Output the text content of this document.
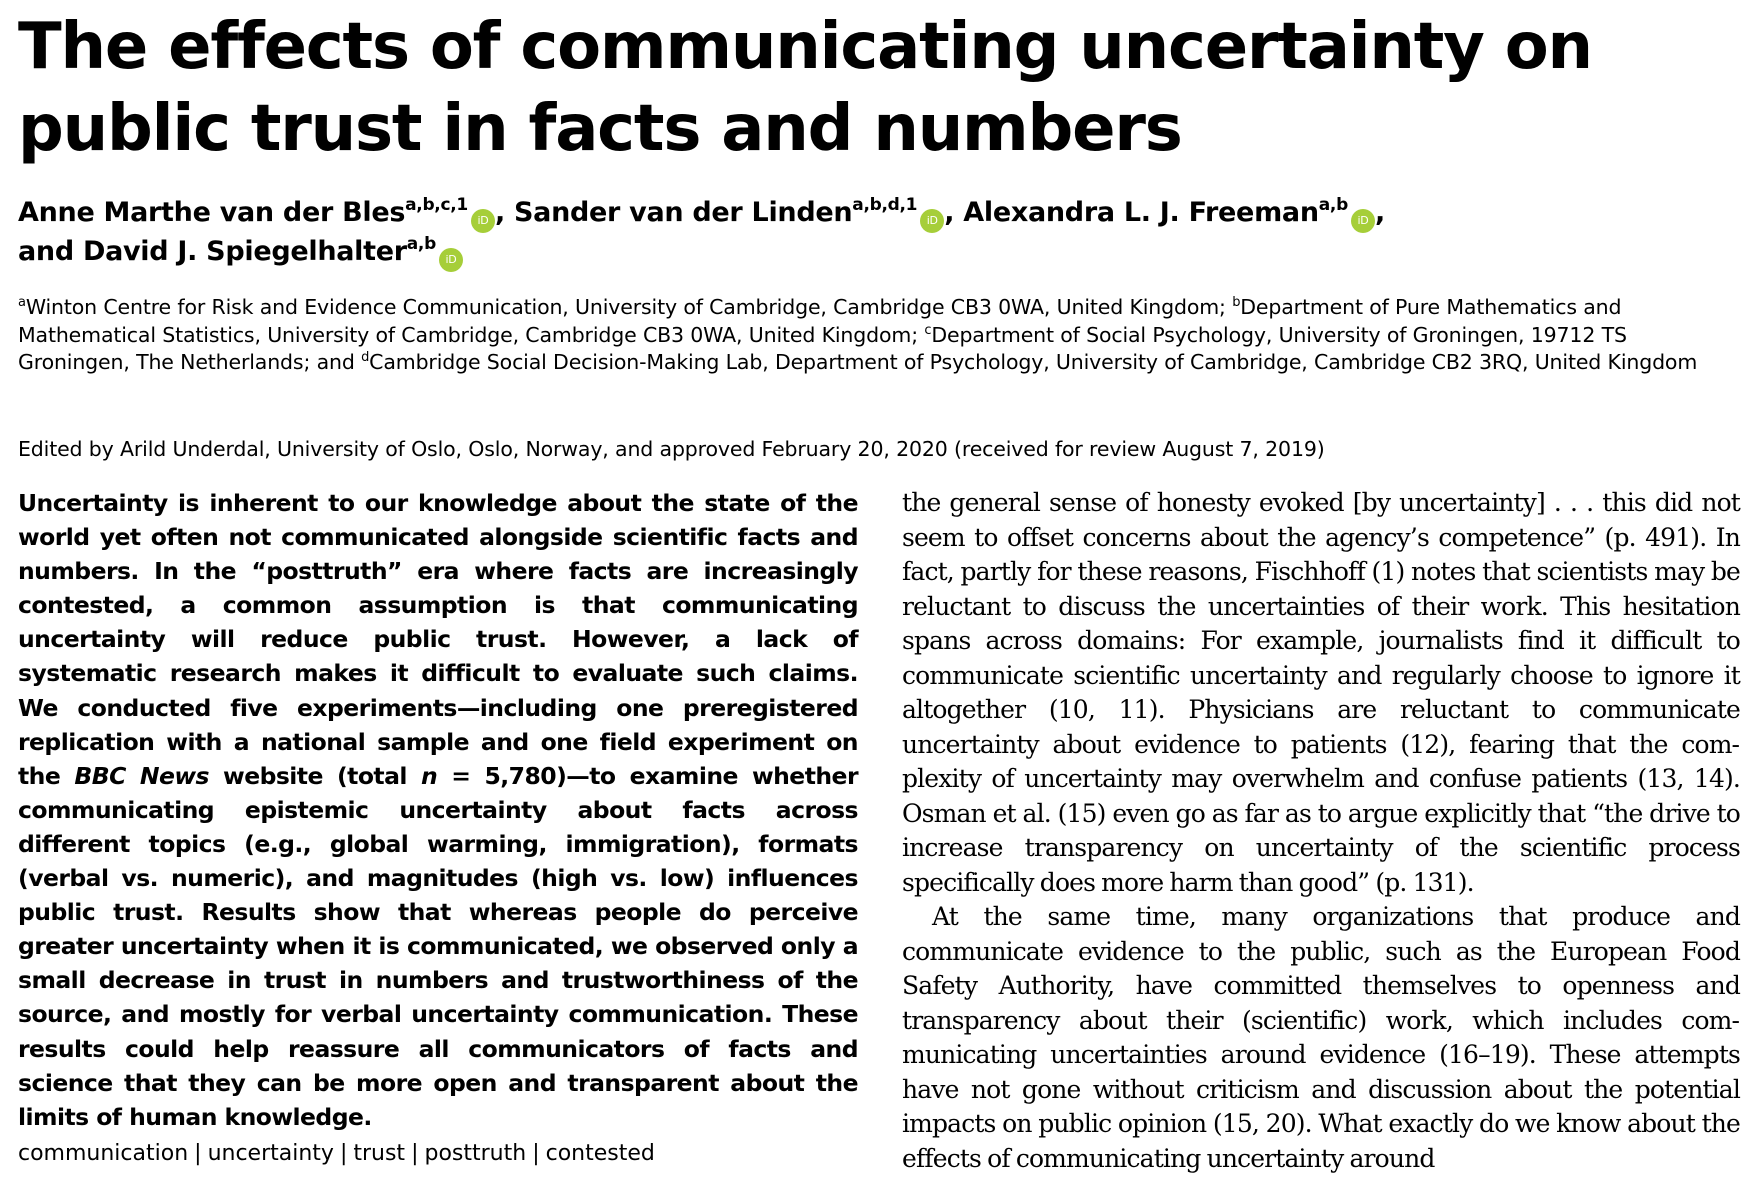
The effects of communicating uncertainty on public trust in facts and numbers
Anne Marthe van der Bles$^{a,b,c,1}$iD , Sander van der Linden$^{a,b,d,1}$iD , Alexandra L. J. Freeman$^{a,b}$iD ,
and David J. Spiegelhalter$^{a,b}$iD
$^a$Winton Centre for Risk and Evidence Communication, University of Cambridge, Cambridge CB3 0WA, United Kingdom; $^b$Department of Pure Mathematics and Mathematical Statistics, University of Cambridge, Cambridge CB3 0WA, United Kingdom; $^c$Department of Social Psychology, University of Groningen, 19712 TS Groningen, The Netherlands; and $^d$Cambridge Social Decision-Making Lab, Department of Psychology, University of Cambridge, Cambridge CB2 3RQ, United Kingdom
Edited by Arild Underdal, University of Oslo, Oslo, Norway, and approved February 20, 2020 (received for review August 7, 2019)

Uncertainty is inherent to our knowledge about the state of the world yet often not communicated alongside scientific facts and numbers. In the “posttruth” era where facts are increasingly contested, a common assumption is that communicating uncertainty will reduce public trust. However, a lack of systematic research makes it difficult to evaluate such claims. We conducted five experiments—including one preregistered replication with a national sample and one field experiment on the BBC News website (total n = 5,780)—to examine whether communicating epistemic uncertainty about facts across different topics (e.g., global warming, immigration), formats (verbal vs. numeric), and magnitudes (high vs. low) influences public trust. Results show that whereas people do perceive greater uncertainty when it is communicated, we observed only a small decrease in trust in numbers and trustworthiness of the source, and mostly for verbal uncertainty communication. These results could help reassure all communicators of facts and science that they can be more open and transparent about the limits of human knowledge.

communication | uncertainty | trust | posttruth | contested

the general sense of honesty evoked [by uncertainty] . . . this did not seem to offset concerns about the agency’s competence” (p. 491). In fact, partly for these reasons, Fischhoff (1) notes that scientists may be reluctant to discuss the uncertainties of their work. This hesitation spans across domains: For example, journalists find it difficult to communicate scientific uncertainty and regularly choose to ignore it altogether (10, 11). Physicians are reluctant to communicate uncertainty about evidence to patients (12), fearing that the complexity of uncertainty may overwhelm and confuse patients (13, 14). Osman et al. (15) even go as far as to argue explicitly that “the drive to increase transparency on uncertainty of the scientific process specifically does more harm than good” (p. 131).

At the same time, many organizations that produce and communicate evidence to the public, such as the European Food Safety Authority, have committed themselves to openness and transparency about their (scientific) work, which includes communicating uncertainties around evidence (16–19). These attempts have not gone without criticism and discussion about the potential impacts on public opinion (15, 20). What exactly do we know about the effects of communicating uncertainty around
